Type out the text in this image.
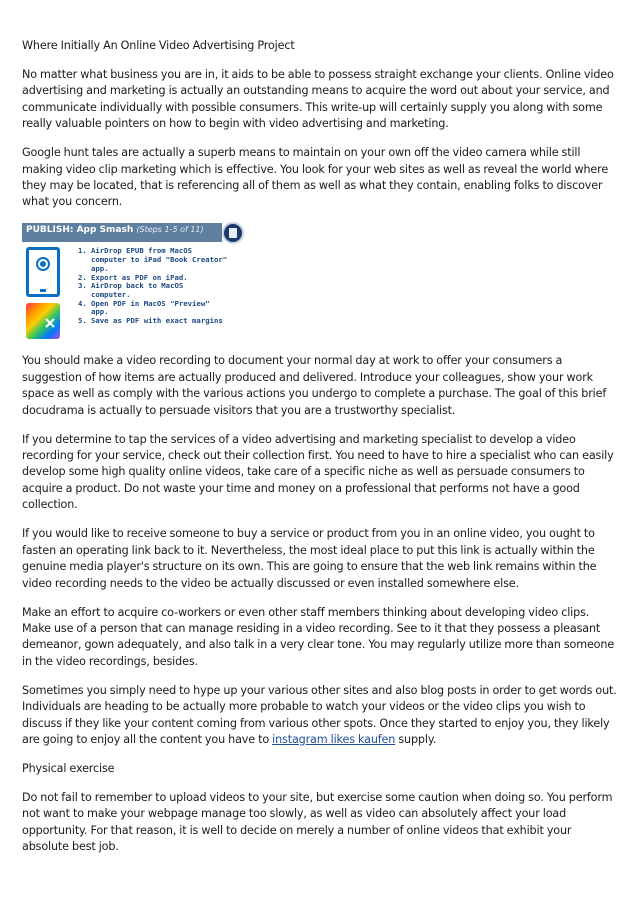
Where Initially An Online Video Advertising Project

No matter what business you are in, it aids to be able to possess straight exchange your clients. Online video advertising and marketing is actually an outstanding means to acquire the word out about your service, and communicate individually with possible consumers. This write-up will certainly supply you along with some really valuable pointers on how to begin with video advertising and marketing.

Google hunt tales are actually a superb means to maintain on your own off the video camera while still making video clip marketing which is effective. You look for your web sites as well as reveal the world where they may be located, that is referencing all of them as well as what they contain, enabling folks to discover what you concern.

PUBLISH: App Smash (Steps 1-5 of 11)
1. AirDrop EPUB from MacOS
computer to iPad "Book Creator"
app.
2. Export as PDF on iPad.
3. AirDrop back to MacOS
computer.
4. Open PDF in MacOS "Preview"
app.
5. Save as PDF with exact margins

You should make a video recording to document your normal day at work to offer your consumers a suggestion of how items are actually produced and delivered. Introduce your colleagues, show your work space as well as comply with the various actions you undergo to complete a purchase. The goal of this brief docudrama is actually to persuade visitors that you are a trustworthy specialist.

If you determine to tap the services of a video advertising and marketing specialist to develop a video recording for your service, check out their collection first. You need to have to hire a specialist who can easily develop some high quality online videos, take care of a specific niche as well as persuade consumers to acquire a product. Do not waste your time and money on a professional that performs not have a good collection.

If you would like to receive someone to buy a service or product from you in an online video, you ought to fasten an operating link back to it. Nevertheless, the most ideal place to put this link is actually within the genuine media player's structure on its own. This are going to ensure that the web link remains within the video recording needs to the video be actually discussed or even installed somewhere else.

Make an effort to acquire co-workers or even other staff members thinking about developing video clips. Make use of a person that can manage residing in a video recording. See to it that they possess a pleasant demeanor, gown adequately, and also talk in a very clear tone. You may regularly utilize more than someone in the video recordings, besides.

Sometimes you simply need to hype up your various other sites and also blog posts in order to get words out. Individuals are heading to be actually more probable to watch your videos or the video clips you wish to discuss if they like your content coming from various other spots. Once they started to enjoy you, they likely are going to enjoy all the content you have to instagram likes kaufen supply.

Physical exercise

Do not fail to remember to upload videos to your site, but exercise some caution when doing so. You perform not want to make your webpage manage too slowly, as well as video can absolutely affect your load opportunity. For that reason, it is well to decide on merely a number of online videos that exhibit your absolute best job.
